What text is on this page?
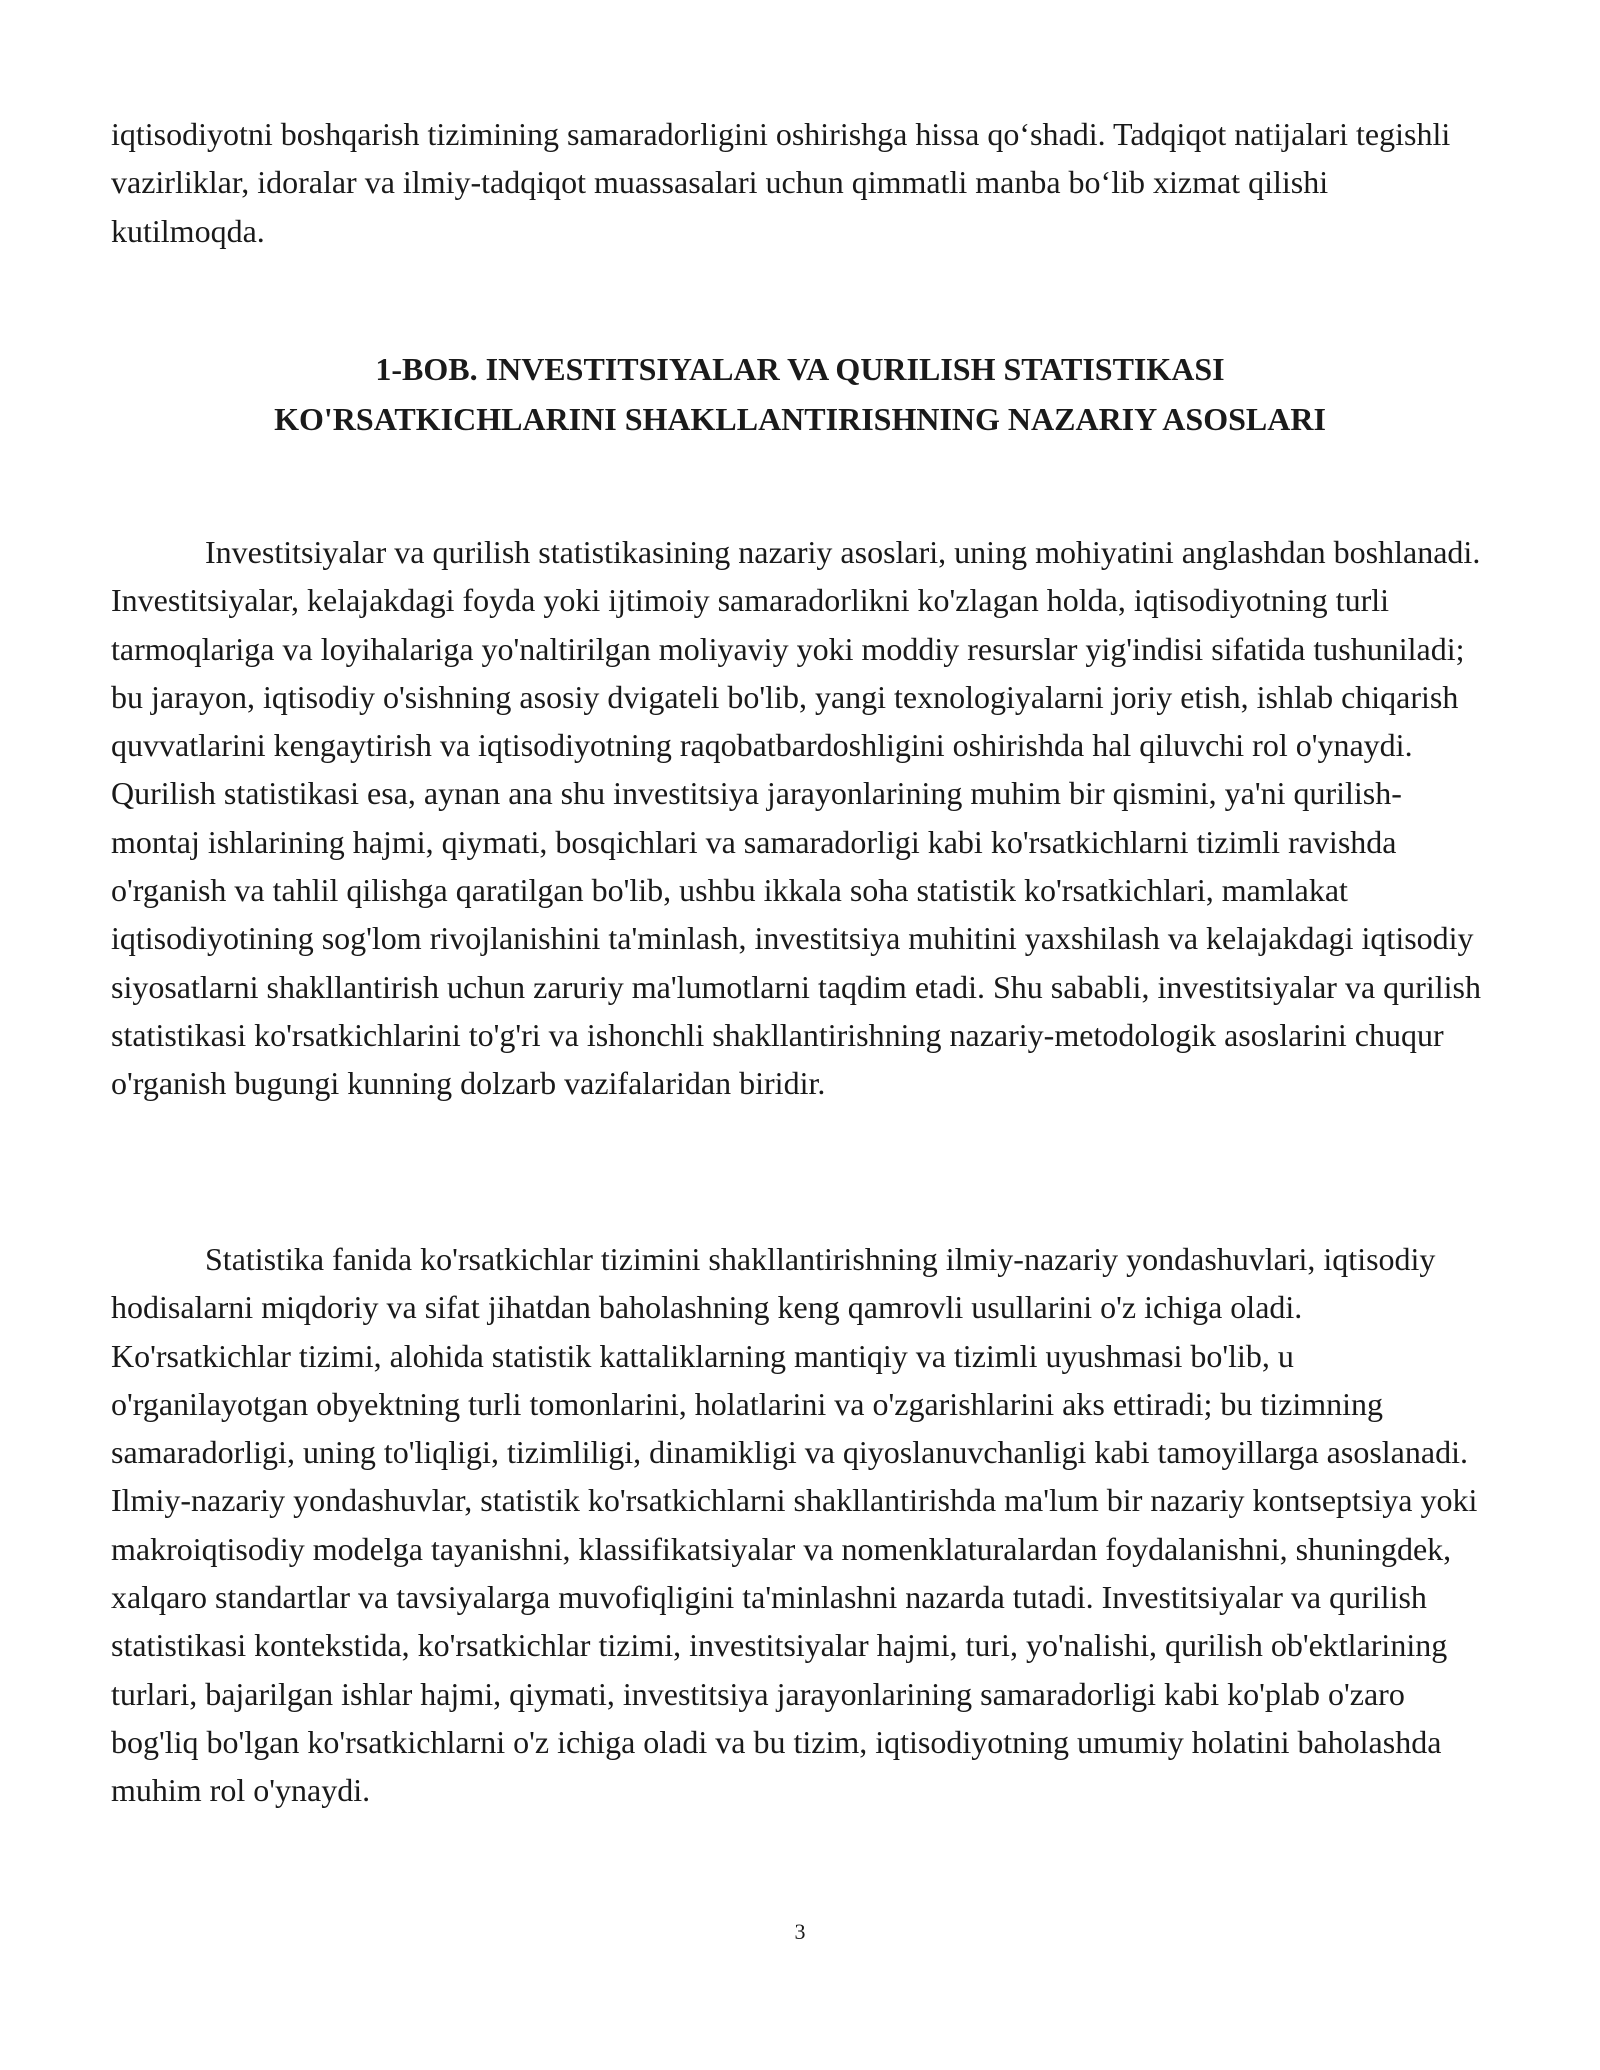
iqtisodiyotni boshqarish tizimining samaradorligini oshirishga hissa qo‘shadi. Tadqiqot natijalari tegishli vazirliklar, idoralar va ilmiy-tadqiqot muassasalari uchun qimmatli manba bo‘lib xizmat qilishi kutilmoqda.

1-BOB. INVESTITSIYALAR VA QURILISH STATISTIKASI
KO'RSATKICHLARINI SHAKLLANTIRISHNING NAZARIY ASOSLARI

Investitsiyalar va qurilish statistikasining nazariy asoslari, uning mohiyatini anglashdan boshlanadi. Investitsiyalar, kelajakdagi foyda yoki ijtimoiy samaradorlikni ko'zlagan holda, iqtisodiyotning turli tarmoqlariga va loyihalariga yo'naltirilgan moliyaviy yoki moddiy resurslar yig'indisi sifatida tushuniladi; bu jarayon, iqtisodiy o'sishning asosiy dvigateli bo'lib, yangi texnologiyalarni joriy etish, ishlab chiqarish quvvatlarini kengaytirish va iqtisodiyotning raqobatbardoshligini oshirishda hal qiluvchi rol o'ynaydi. Qurilish statistikasi esa, aynan ana shu investitsiya jarayonlarining muhim bir qismini, ya'ni qurilish-montaj ishlarining hajmi, qiymati, bosqichlari va samaradorligi kabi ko'rsatkichlarni tizimli ravishda o'rganish va tahlil qilishga qaratilgan bo'lib, ushbu ikkala soha statistik ko'rsatkichlari, mamlakat iqtisodiyotining sog'lom rivojlanishini ta'minlash, investitsiya muhitini yaxshilash va kelajakdagi iqtisodiy siyosatlarni shakllantirish uchun zaruriy ma'lumotlarni taqdim etadi. Shu sababli, investitsiyalar va qurilish statistikasi ko'rsatkichlarini to'g'ri va ishonchli shakllantirishning nazariy-metodologik asoslarini chuqur o'rganish bugungi kunning dolzarb vazifalaridan biridir.

Statistika fanida ko'rsatkichlar tizimini shakllantirishning ilmiy-nazariy yondashuvlari, iqtisodiy hodisalarni miqdoriy va sifat jihatdan baholashning keng qamrovli usullarini o'z ichiga oladi. Ko'rsatkichlar tizimi, alohida statistik kattaliklarning mantiqiy va tizimli uyushmasi bo'lib, u o'rganilayotgan obyektning turli tomonlarini, holatlarini va o'zgarishlarini aks ettiradi; bu tizimning samaradorligi, uning to'liqligi, tizimliligi, dinamikligi va qiyoslanuvchanligi kabi tamoyillarga asoslanadi. Ilmiy-nazariy yondashuvlar, statistik ko'rsatkichlarni shakllantirishda ma'lum bir nazariy kontseptsiya yoki makroiqtisodiy modelga tayanishni, klassifikatsiyalar va nomenklaturalardan foydalanishni, shuningdek, xalqaro standartlar va tavsiyalarga muvofiqligini ta'minlashni nazarda tutadi. Investitsiyalar va qurilish statistikasi kontekstida, ko'rsatkichlar tizimi, investitsiyalar hajmi, turi, yo'nalishi, qurilish ob'ektlarining turlari, bajarilgan ishlar hajmi, qiymati, investitsiya jarayonlarining samaradorligi kabi ko'plab o'zaro bog'liq bo'lgan ko'rsatkichlarni o'z ichiga oladi va bu tizim, iqtisodiyotning umumiy holatini baholashda muhim rol o'ynaydi.

3
